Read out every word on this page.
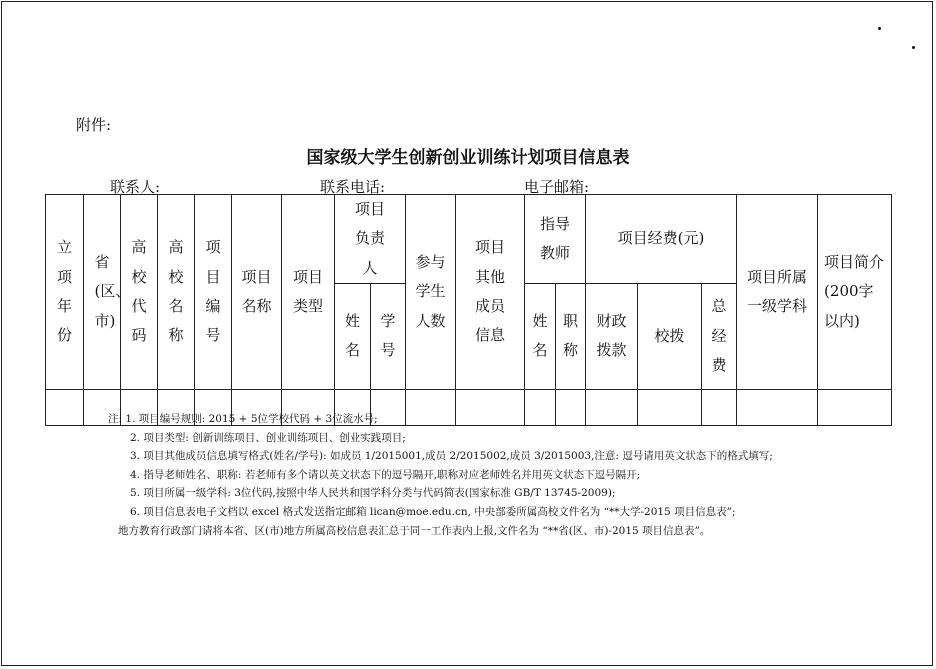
附件:
国家级大学生创新创业训练计划项目信息表
联系人:	联系电话:	电子邮箱:
立项年份	省(区、市)	高校代码	高校名称	项目编号	项目名称	项目类型	项目负责人		参与学生人数	项目其他成员信息	指导教师		项目经费(元)			项目所属一级学科	项目简介(200字以内)
							姓名	学号			姓名	职称	财政拨款	校拨	总经费		

注: 1. 项目编号规则: 2015 + 5位学校代码 + 3位流水号;
2. 项目类型: 创新训练项目、创业训练项目、创业实践项目;
3. 项目其他成员信息填写格式(姓名/学号): 如成员 1/2015001,成员 2/2015002,成员 3/2015003,注意: 逗号请用英文状态下的格式填写;
4. 指导老师姓名、职称: 若老师有多个请以英文状态下的逗号隔开,职称对应老师姓名并用英文状态下逗号隔开;
5. 项目所属一级学科: 3位代码,按照中华人民共和国学科分类与代码简表(国家标准 GB/T 13745-2009);
6. 项目信息表电子文档以 excel 格式发送指定邮箱 lican@moe.edu.cn, 中央部委所属高校文件名为 “**大学-2015 项目信息表”;
地方教育行政部门请将本省、区(市)地方所属高校信息表汇总于同一工作表内上报,文件名为 “**省(区、市)-2015 项目信息表”。
